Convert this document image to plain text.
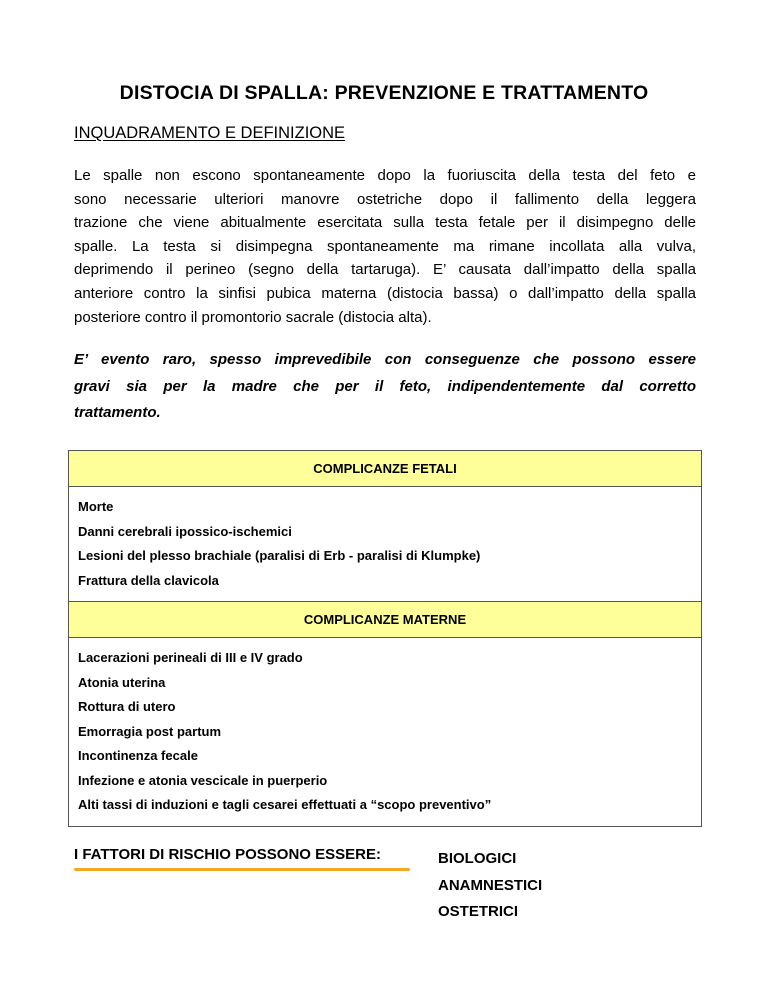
DISTOCIA DI SPALLA: PREVENZIONE E TRATTAMENTO
INQUADRAMENTO E DEFINIZIONE
Le spalle non escono spontaneamente dopo la fuoriuscita della testa del feto e
sono necessarie ulteriori manovre ostetriche dopo il fallimento della leggera
trazione che viene abitualmente esercitata sulla testa fetale per il disimpegno delle
spalle. La testa si disimpegna spontaneamente ma rimane incollata alla vulva,
deprimendo il perineo (segno della tartaruga). E’ causata dall’impatto della spalla
anteriore contro la sinfisi pubica materna (distocia bassa) o dall’impatto della spalla
posteriore contro il promontorio sacrale (distocia alta).
E’ evento raro, spesso imprevedibile con conseguenze che possono essere
gravi sia per la madre che per il feto, indipendentemente dal corretto
trattamento.
COMPLICANZE FETALI

Morte
Danni cerebrali ipossico-ischemici
Lesioni del plesso brachiale (paralisi di Erb - paralisi di Klumpke)
Frattura della clavicola

COMPLICANZE MATERNE

Lacerazioni perineali di III e IV grado
Atonia uterina
Rottura di utero
Emorragia post partum
Incontinenza fecale
Infezione e atonia vescicale in puerperio
Alti tassi di induzioni e tagli cesarei effettuati a “scopo preventivo”
I FATTORI DI RISCHIO POSSONO ESSERE:	BIOLOGICI
ANAMNESTICI
OSTETRICI
